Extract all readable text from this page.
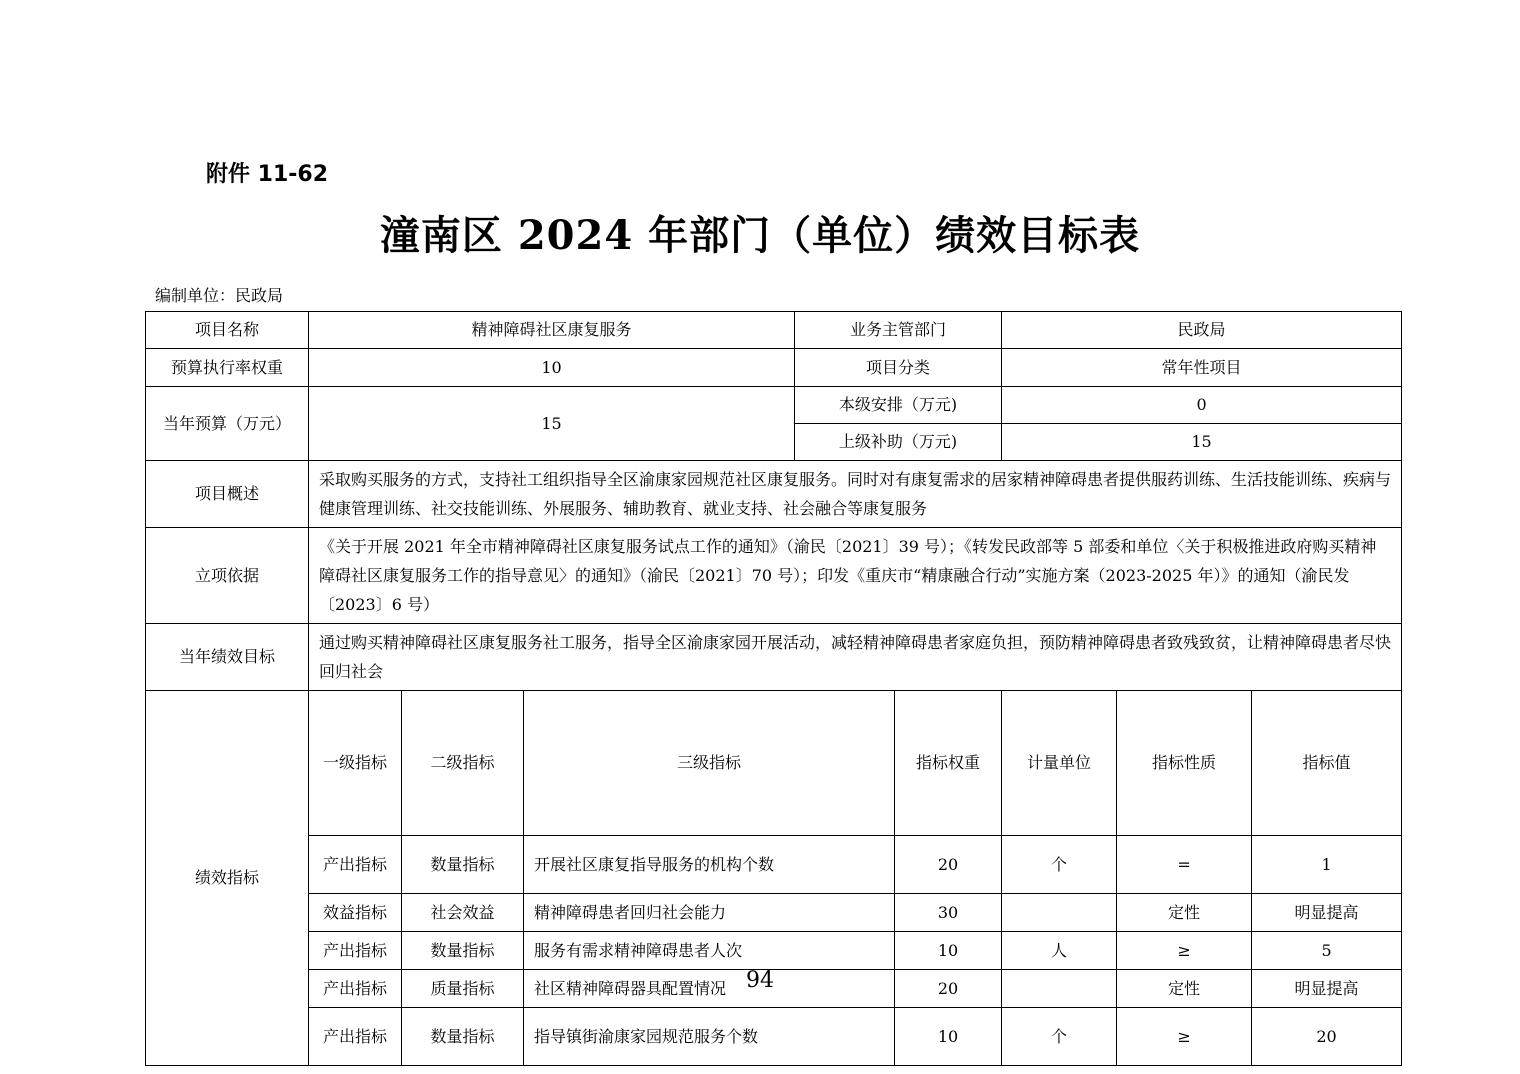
附件 11-62
潼南区 2024 年部门（单位）绩效目标表
编制单位：民政局
项目名称	精神障碍社区康复服务			业务主管部门		民政局			
预算执行率权重	10			项目分类		常年性项目			
当年预算（万元）	15			本级安排（万元)		0			
				上级补助（万元)		15			
项目概述	采取购买服务的方式，支持社工组织指导全区渝康家园规范社区康复服务。同时对有康复需求的居家精神障碍患者提供服药训练、生活技能训练、疾病与健康管理训练、社交技能训练、外展服务、辅助教育、就业支持、社会融合等康复服务								
立项依据	《关于开展 2021 年全市精神障碍社区康复服务试点工作的通知》（渝民〔2021〕39 号）；《转发民政部等 5 部委和单位〈关于积极推进政府购买精神障碍社区康复服务工作的指导意见〉的通知》（渝民〔2021〕70 号）；印发《重庆市“精康融合行动”实施方案（2023-2025 年）》的通知（渝民发〔2023〕6 号）								
当年绩效目标	通过购买精神障碍社区康复服务社工服务，指导全区渝康家园开展活动，减轻精神障碍患者家庭负担，预防精神障碍患者致残致贫，让精神障碍患者尽快回归社会								
绩效指标	一级指标	二级指标	三级指标		指标权重	计量单位	指标性质	指标值	
	产出指标	数量指标	开展社区康复指导服务的机构个数		20	个	=	1	
	效益指标	社会效益	精神障碍患者回归社会能力		30		定性	明显提高	
	产出指标	数量指标	服务有需求精神障碍患者人次		10	人	≥	5	
	产出指标	质量指标	社区精神障碍器具配置情况		20		定性	明显提高	
	产出指标	数量指标	指导镇街渝康家园规范服务个数		10	个	≥	20	
94
